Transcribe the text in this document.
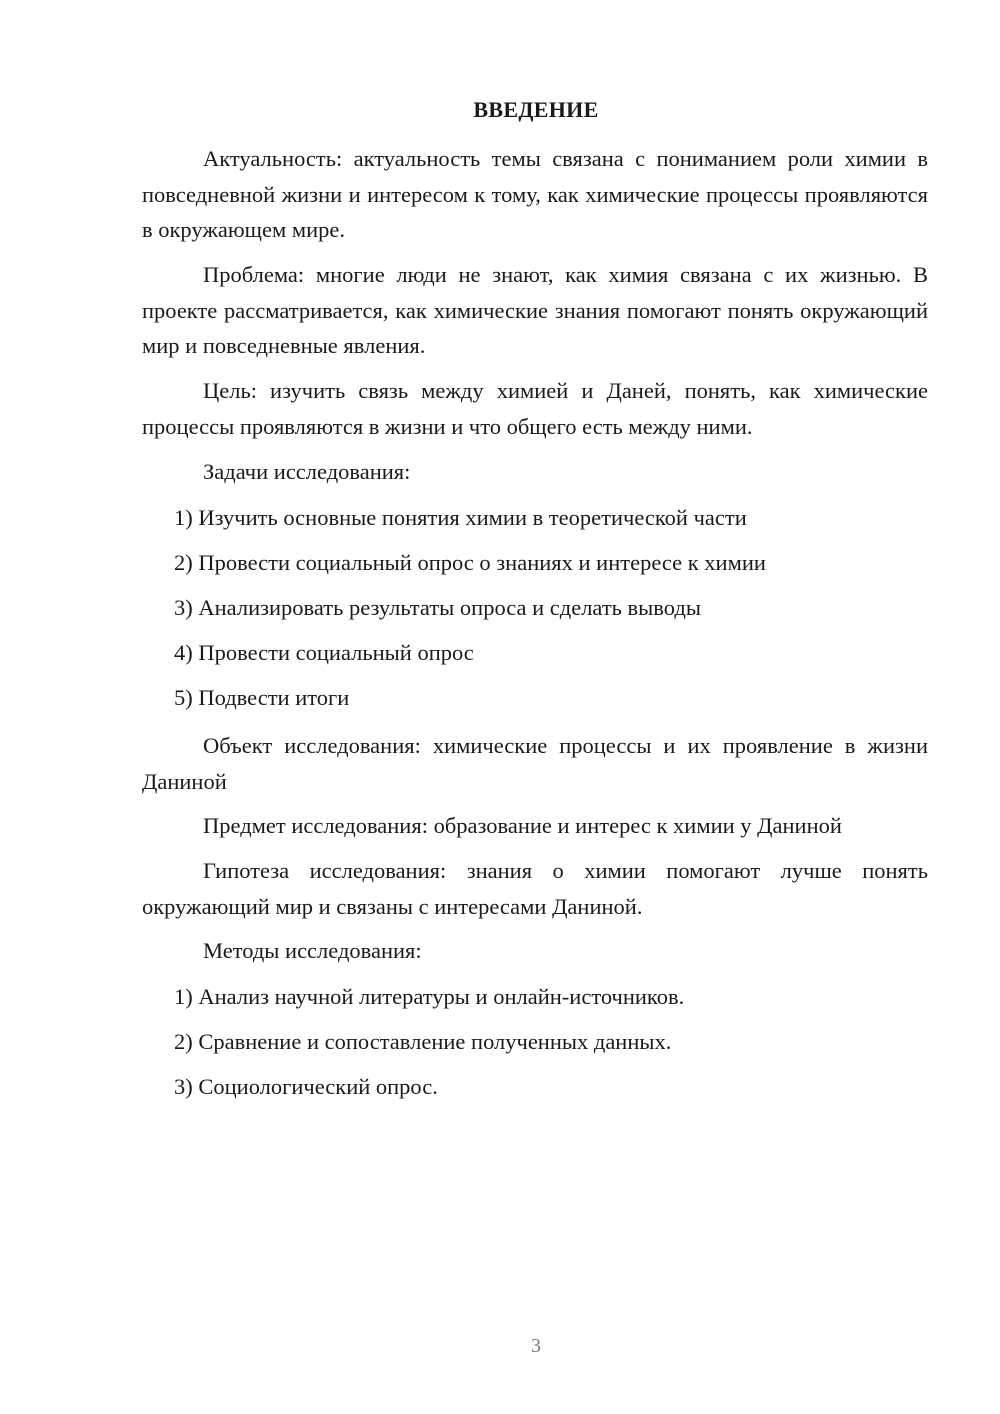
ВВЕДЕНИЕ

Актуальность: актуальность темы связана с пониманием роли химии в повседневной жизни и интересом к тому, как химические процессы проявляются в окружающем мире.

Проблема: многие люди не знают, как химия связана с их жизнью. В проекте рассматривается, как химические знания помогают понять окружающий мир и повседневные явления.

Цель: изучить связь между химией и Даней, понять, как химические процессы проявляются в жизни и что общего есть между ними.

Задачи исследования:

1) Изучить основные понятия химии в теоретической части

2) Провести социальный опрос о знаниях и интересе к химии

3) Анализировать результаты опроса и сделать выводы

4) Провести социальный опрос

5) Подвести итоги

Объект исследования: химические процессы и их проявление в жизни Даниной

Предмет исследования: образование и интерес к химии у Даниной

Гипотеза исследования: знания о химии помогают лучше понять окружающий мир и связаны с интересами Даниной.

Методы исследования:

1) Анализ научной литературы и онлайн-источников.

2) Сравнение и сопоставление полученных данных.

3) Социологический опрос.

3
